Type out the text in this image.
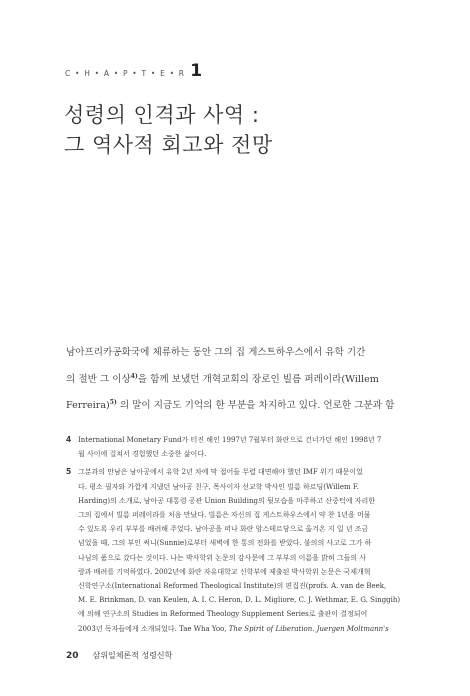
C • H • A • P • T • E • R 1
성령의 인격과 사역 :
그 역사적 회고와 전망
남아프리카공화국에 체류하는 동안 그의 집 게스트하우스에서 유학 기간
의 절반 그 이상$^{4)}$을 함께 보냈던 개혁교회의 장로인 빌름 퍼레이라(Willem
Ferreira)$^{5)}$ 의 말이 지금도 기억의 한 부분을 차지하고 있다. 언로한 그분과 함
4 International Monetary Fund가 터진 해인 1997년 7월부터 화란으로 건너가던 해인 1998년 7
월 사이에 걸쳐서 경험했던 소중한 삶이다.
5 그분과의 만남은 남아공에서 유학 2년 차에 막 접어들 무렵 대면해야 했던 IMF 위기 때문이었
다. 평소 필자와 가깝게 지냈던 남아공 친구, 목사이자 선교학 박사인 빌름 하르딩(Willem F.
Harding)의 소개로, 남아공 대통령 공관 Union Building의 뒷모습을 마주하고 산중턱에 자리한
그의 집에서 빌름 퍼레이라를 처음 만났다. 빌름은 자신의 집 게스트하우스에서 약 찬 1년을 머물
수 있도록 우리 부부를 배려해 주었다. 남아공을 떠나 화란 암스테르담으로 옮겨온 지 일 년 조금
넘었을 때, 그의 부인 써니(Sunnie)로부터 새벽에 한 통의 전화를 받았다. 불의의 사고로 그가 하
나님의 품으로 갔다는 것이다. 나는 박사학위 논문의 감사문에 그 부부의 이름을 밝혀 그들의 사
랑과 배려를 기억하였다. 2002년에 화란 자유대학교 신학부에 제출된 박사학위 논문은 국제개혁
신학연구소(International Reformed Theological Institute)의 편집진(profs. A. van de Beek,
M. E. Brinkman, D. van Keulen, A. I. C. Heron, D. L. Migliore, C. J. Wethmar, E. G. Singgih)
에 의해 연구소의 Studies in Reformed Theology Supplement Series로 출판이 결정되어
2003년 독자들에게 소개되었다. Tae Wha Yoo, The Spirit of Liberation. Juergen Moltmann's
20 삼위일체론적 성령신학
